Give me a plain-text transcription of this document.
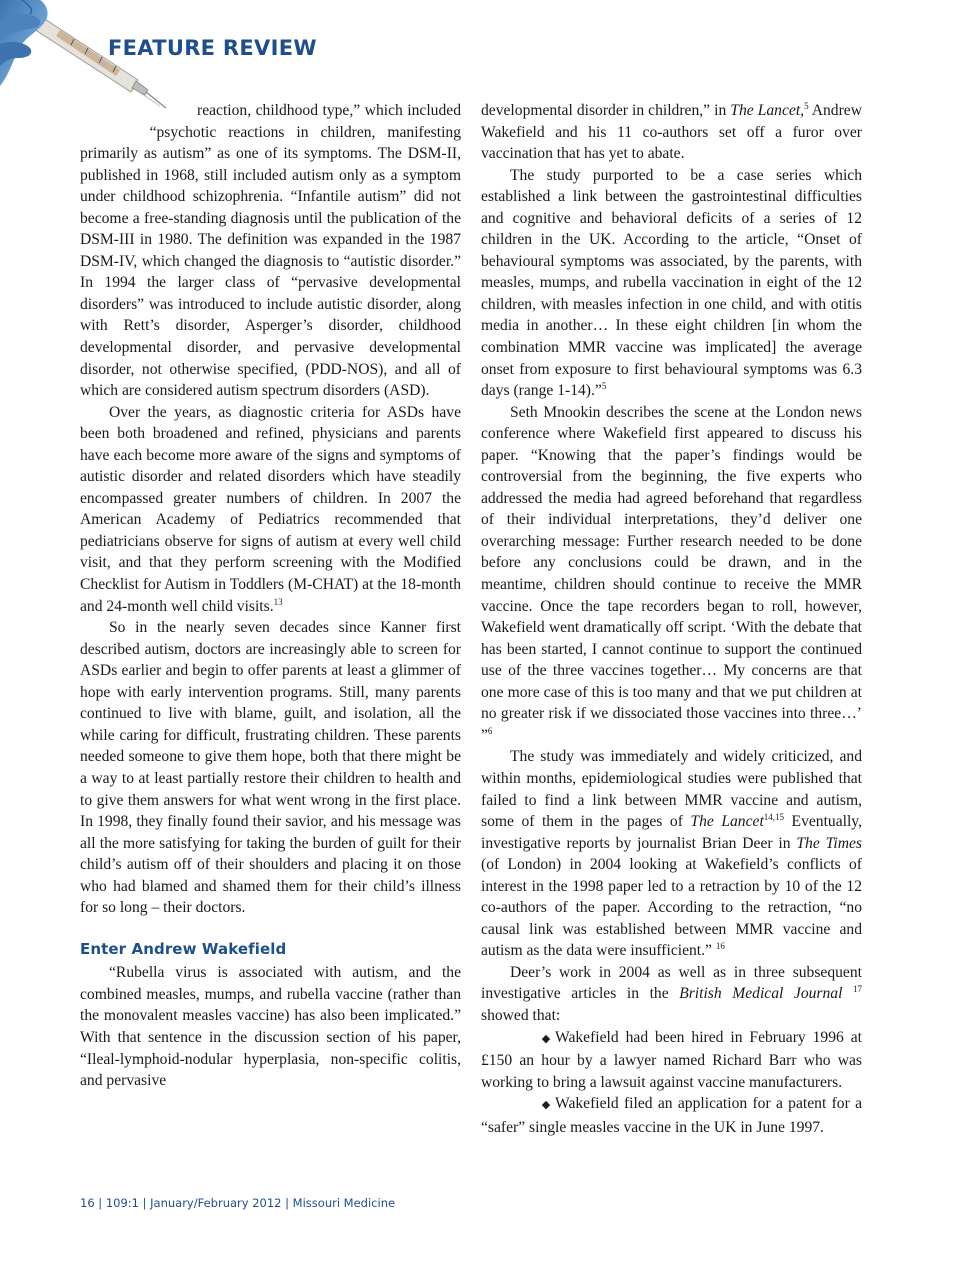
FEATURE REVIEW

reaction, childhood type,” which included “psychotic reactions in children, manifesting primarily as autism” as one of its symptoms. The DSM-II, published in 1968, still included autism only as a symptom under childhood schizophrenia. “Infantile autism” did not become a free-standing diagnosis until the publication of the DSM-III in 1980. The definition was expanded in the 1987 DSM-IV, which changed the diagnosis to “autistic disorder.” In 1994 the larger class of “pervasive developmental disorders” was introduced to include autistic disorder, along with Rett’s disorder, Asperger’s disorder, childhood developmental disorder, and pervasive developmental disorder, not otherwise specified, (PDD-NOS), and all of which are considered autism spectrum disorders (ASD).

Over the years, as diagnostic criteria for ASDs have been both broadened and refined, physicians and parents have each become more aware of the signs and symptoms of autistic disorder and related disorders which have steadily encompassed greater numbers of children. In 2007 the American Academy of Pediatrics recommended that pediatricians observe for signs of autism at every well child visit, and that they perform screening with the Modified Checklist for Autism in Toddlers (M-CHAT) at the 18-month and 24-month well child visits.$^{13}$

So in the nearly seven decades since Kanner first described autism, doctors are increasingly able to screen for ASDs earlier and begin to offer parents at least a glimmer of hope with early intervention programs. Still, many parents continued to live with blame, guilt, and isolation, all the while caring for difficult, frustrating children. These parents needed someone to give them hope, both that there might be a way to at least partially restore their children to health and to give them answers for what went wrong in the first place. In 1998, they finally found their savior, and his message was all the more satisfying for taking the burden of guilt for their child’s autism off of their shoulders and placing it on those who had blamed and shamed them for their child’s illness for so long – their doctors.

Enter Andrew Wakefield

“Rubella virus is associated with autism, and the combined measles, mumps, and rubella vaccine (rather than the monovalent measles vaccine) has also been implicated.” With that sentence in the discussion section of his paper, “Ileal-lymphoid-nodular hyperplasia, non-specific colitis, and pervasive

developmental disorder in children,” in The Lancet,$^5$ Andrew Wakefield and his 11 co-authors set off a furor over vaccination that has yet to abate.

The study purported to be a case series which established a link between the gastrointestinal difficulties and cognitive and behavioral deficits of a series of 12 children in the UK. According to the article, “Onset of behavioural symptoms was associated, by the parents, with measles, mumps, and rubella vaccination in eight of the 12 children, with measles infection in one child, and with otitis media in another… In these eight children [in whom the combination MMR vaccine was implicated] the average onset from exposure to first behavioural symptoms was 6.3 days (range 1-14).”$^5$

Seth Mnookin describes the scene at the London news conference where Wakefield first appeared to discuss his paper. “Knowing that the paper’s findings would be controversial from the beginning, the five experts who addressed the media had agreed beforehand that regardless of their individual interpretations, they’d deliver one overarching message: Further research needed to be done before any conclusions could be drawn, and in the meantime, children should continue to receive the MMR vaccine. Once the tape recorders began to roll, however, Wakefield went dramatically off script. ‘With the debate that has been started, I cannot continue to support the continued use of the three vaccines together… My concerns are that one more case of this is too many and that we put children at no greater risk if we dissociated those vaccines into three…’ ”$^6$

The study was immediately and widely criticized, and within months, epidemiological studies were published that failed to find a link between MMR vaccine and autism, some of them in the pages of The Lancet$^{14,15}$ Eventually, investigative reports by journalist Brian Deer in The Times (of London) in 2004 looking at Wakefield’s conflicts of interest in the 1998 paper led to a retraction by 10 of the 12 co-authors of the paper. According to the retraction, “no causal link was established between MMR vaccine and autism as the data were insufficient.” $^{16}$

Deer’s work in 2004 as well as in three subsequent investigative articles in the British Medical Journal $^{17}$ showed that:

◆ Wakefield had been hired in February 1996 at £150 an hour by a lawyer named Richard Barr who was working to bring a lawsuit against vaccine manufacturers.

◆ Wakefield filed an application for a patent for a “safer” single measles vaccine in the UK in June 1997.

16 | 109:1 | January/February 2012 | Missouri Medicine
